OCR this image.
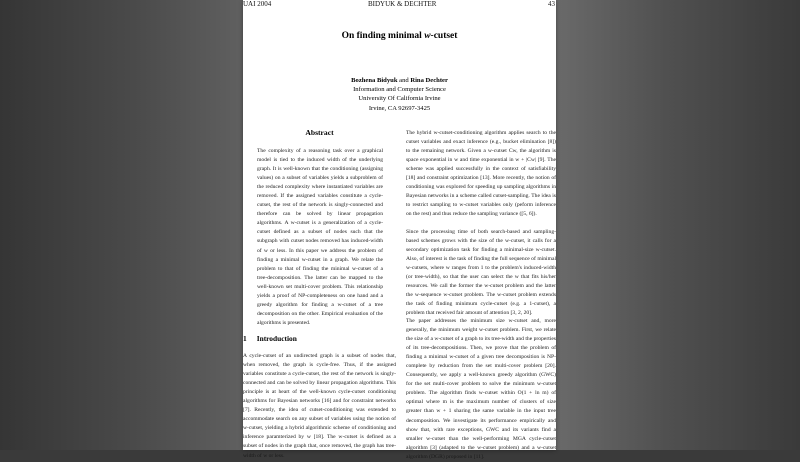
UAI 2004	BIDYUK & DECHTER	43
On finding minimal w-cutset
Bozhena Bidyuk and Rina Dechter
Information and Computer Science
University Of California Irvine
Irvine, CA 92697-3425
Abstract
The complexity of a reasoning task over a graphical model is tied to the induced width of the underlying graph. It is well-known that the conditioning (assigning values) on a subset of variables yields a subproblem of the reduced complexity where instantiated variables are removed. If the assigned variables constitute a cycle-cutset, the rest of the network is singly-connected and therefore can be solved by linear propagation algorithms. A w-cutset is a generalization of a cycle-cutset defined as a subset of nodes such that the subgraph with cutset nodes removed has induced-width of w or less. In this paper we address the problem of finding a minimal w-cutset in a graph. We relate the problem to that of finding the minimal w-cutset of a tree-decomposition. The latter can be mapped to the well-known set multi-cover problem. This relationship yields a proof of NP-completeness on one hand and a greedy algorithm for finding a w-cutset of a tree decomposition on the other. Empirical evaluation of the algorithms is presented.
1 Introduction
A cycle-cutset of an undirected graph is a subset of nodes that, when removed, the graph is cycle-free. Thus, if the assigned variables constitute a cycle-cutset, the rest of the network is singly-connected and can be solved by linear propagation algorithms. This principle is at heart of the well-known cycle-cutset conditioning algorithms for Bayesian networks [16] and for constraint networks [7]. Recently, the idea of cutset-conditioning was extended to accommodate search on any subset of variables using the notion of w-cutset, yielding a hybrid algorithmic scheme of conditioning and inference paramterized by w [18]. The w-cutset is defined as a subset of nodes in the graph that, once removed, the graph has tree-width of w or less.
The hybrid w-cutset-conditioning algorithm applies search to the cutset variables and exact inference (e.g., bucket elimination [8]) to the remaining network. Given a w-cutset Cw, the algorithm is space exponential in w and time exponential in w + |Cw| [9]. The scheme was applied successfully in the context of satisfiability [18] and constraint optimization [13]. More recently, the notion of conditioning was explored for speeding up sampling algorithms in Bayesian networks in a scheme called cutset-sampling. The idea is to restrict sampling to w-cutset variables only (peform inference on the rest) and thus reduce the sampling variance ([5, 6]).
Since the processing time of both search-based and sampling-based schemes grows with the size of the w-cutset, it calls for a secondary optimization task for finding a minimal-size w-cutset. Also, of interest is the task of finding the full sequence of minimal w-cutsets, where w ranges from 1 to the problem's induced-width (or tree-width), so that the user can select the w that fits his/her resources. We call the former the w-cutset problem and the latter the w-sequence w-cutset problem. The w-cutset problem extends the task of finding minimum cycle-cutset (e.g. a 1-cutset), a problem that received fair amount of attention [3, 2, 20].
The paper addresses the minimum size w-cutset and, more generally, the minimum weight w-cutset problem. First, we relate the size of a w-cutset of a graph to its tree-width and the properties of its tree-decompositions. Then, we prove that the problem of finding a minimal w-cutset of a given tree decomposition is NP-complete by reduction from the set multi-cover problem [20]. Consequently, we apply a well-known greedy algorithm (GWC) for the set multi-cover problem to solve the minimum w-cutset problem. The algorithm finds w-cutset within O(1 + ln m) of optimal where m is the maximum number of clusters of size greater than w + 1 sharing the same variable in the input tree decomposition. We investigate its performance empirically and show that, with rare exceptions, GWC and its variants find a smaller w-cutset than the well-performing MGA cycle-cutset algorithm [3] (adapted to the w-cutset problem) and a w-cutset algorithm (DGR) proposed in [11].
